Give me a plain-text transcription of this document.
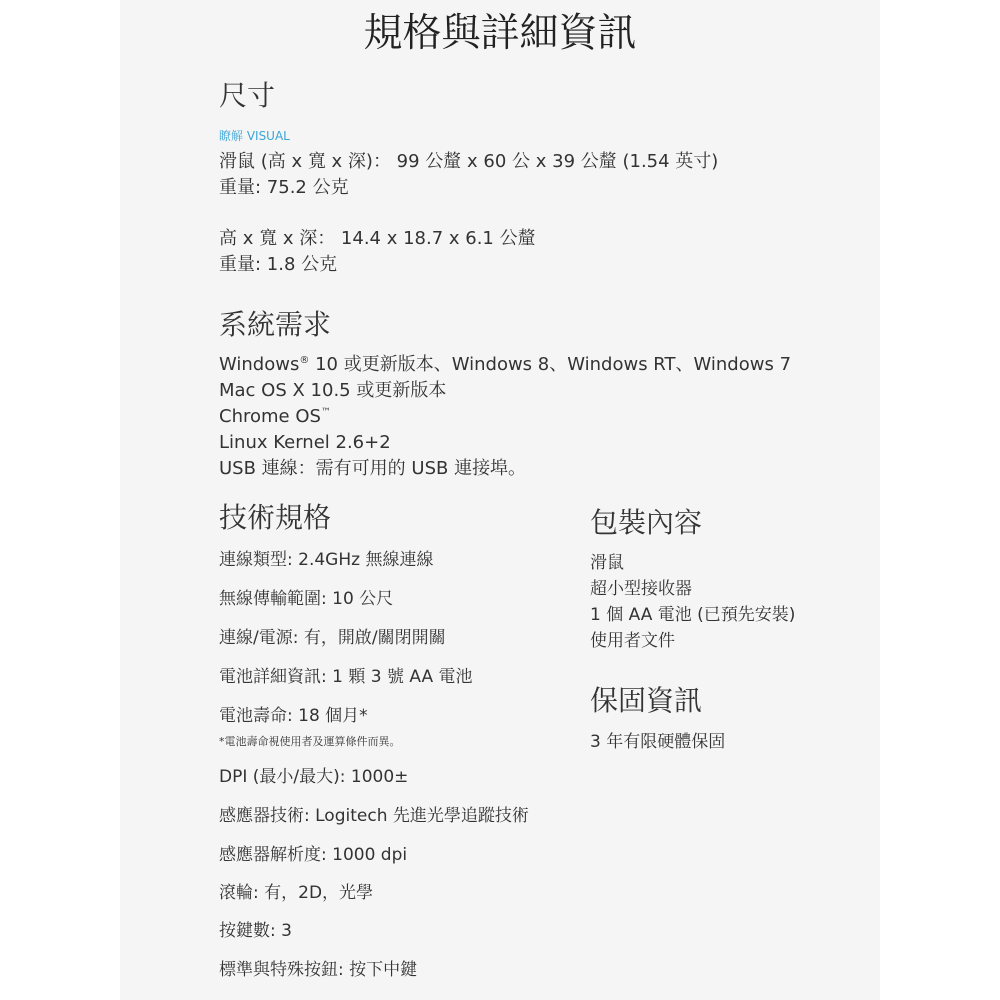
規格與詳細資訊
尺寸
瞭解 VISUAL
滑鼠 (高 x 寬 x 深)： 99 公釐 x 60 公 x 39 公釐 (1.54 英寸)
重量: 75.2 公克
高 x 寬 x 深： 14.4 x 18.7 x 6.1 公釐
重量: 1.8 公克
系統需求
Windows® 10 或更新版本、Windows 8、Windows RT、Windows 7
Mac OS X 10.5 或更新版本
Chrome OS™
Linux Kernel 2.6+2
USB 連線：需有可用的 USB 連接埠。
技術規格
連線類型: 2.4GHz 無線連線
無線傳輸範圍: 10 公尺
連線/電源: 有，開啟/關閉開關
電池詳細資訊: 1 顆 3 號 AA 電池
電池壽命: 18 個月*
*電池壽命視使用者及運算條件而異。
DPI (最小/最大): 1000±
感應器技術: Logitech 先進光學追蹤技術
感應器解析度: 1000 dpi
滾輪: 有，2D，光學
按鍵數: 3
標準與特殊按鈕: 按下中鍵
包裝內容
滑鼠
超小型接收器
1 個 AA 電池 (已預先安裝)
使用者文件
保固資訊
3 年有限硬體保固
